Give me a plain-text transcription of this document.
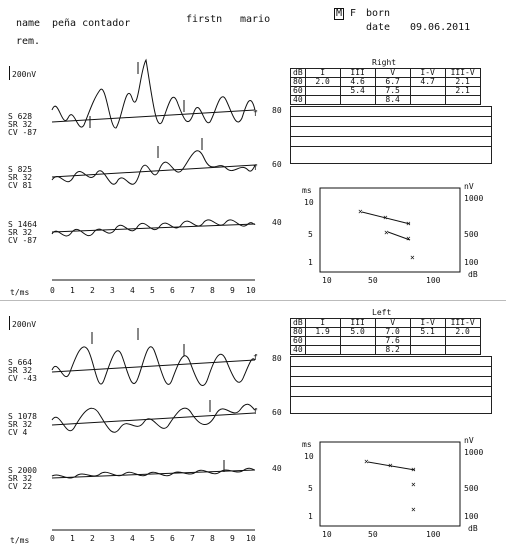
name peña contador	firstn mario
M F born
date 09.06.2011
rem.
200nV
S 628
SR 32
CV -87
S 825
SR 32
CV 81
S 1464
SR 32
CV -87
f
f
f
f
×
×
×
×
×
×
× × ×
×
×
80
60
40
t/ms	0 1 2 3 4 5 6 7 8 9 10
Right
dB	I	III	V	I-V	III-V
80	2.0	4.6	6.7	4.7	2.1
60		5.4	7.5		2.1
40			8.4		
ms
10
5
1
nV
1000
500
100
10	50	100
dB
200nV
S 664
SR 32
CV -43
S 1078
SR 32
CV 4
S 2000
SR 32
CV 22
80
60
40
t/ms	0 1 2 3 4 5 6 7 8 9 10
Left
dB	I	III	V	I-V	III-V
80	1.9	5.0	7.0	5.1	2.0
60			7.6		
40			8.2		
ms
10
5
1
nV
1000
500
100
10	50	100
dB
